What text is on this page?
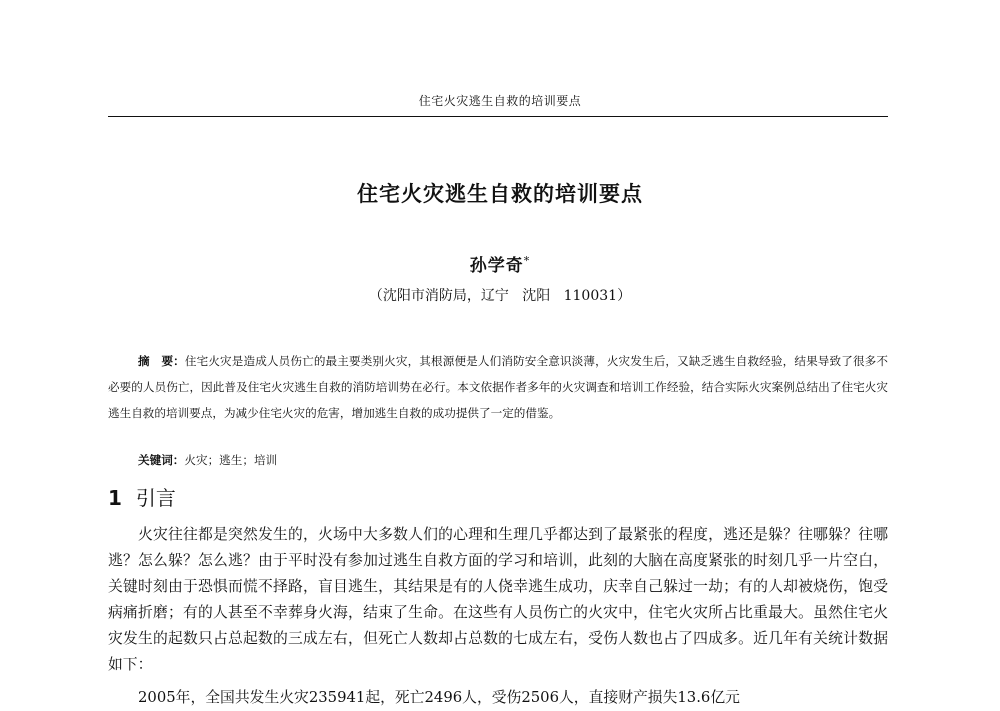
住宅火灾逃生自救的培训要点
住宅火灾逃生自救的培训要点
孙学奇*
（沈阳市消防局，辽宁   沈阳   110031）

摘　要：住宅火灾是造成人员伤亡的最主要类别火灾，其根源便是人们消防安全意识淡薄，火灾发生后，又缺乏逃生自救经验，结果导致了很多不必要的人员伤亡，因此普及住宅火灾逃生自救的消防培训势在必行。本文依据作者多年的火灾调查和培训工作经验，结合实际火灾案例总结出了住宅火灾逃生自救的培训要点，为减少住宅火灾的危害，增加逃生自救的成功提供了一定的借鉴。

关键词：火灾；逃生；培训
1 引言

火灾往往都是突然发生的，火场中大多数人们的心理和生理几乎都达到了最紧张的程度，逃还是躲？往哪躲？往哪逃？怎么躲？怎么逃？由于平时没有参加过逃生自救方面的学习和培训，此刻的大脑在高度紧张的时刻几乎一片空白，关键时刻由于恐惧而慌不择路，盲目逃生，其结果是有的人侥幸逃生成功，庆幸自己躲过一劫；有的人却被烧伤，饱受病痛折磨；有的人甚至不幸葬身火海，结束了生命。在这些有人员伤亡的火灾中，住宅火灾所占比重最大。虽然住宅火灾发生的起数只占总起数的三成左右，但死亡人数却占总数的七成左右，受伤人数也占了四成多。近几年有关统计数据如下：

2005年，全国共发生火灾235941起，死亡2496人，受伤2506人，直接财产损失13.6亿元
